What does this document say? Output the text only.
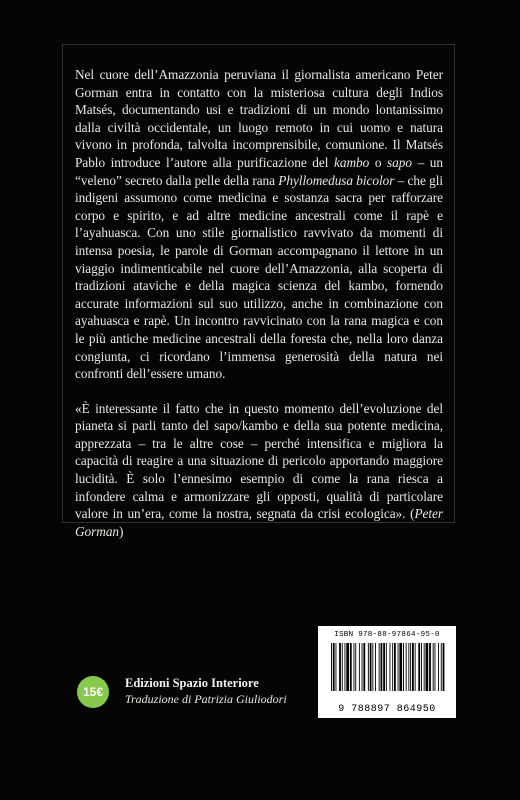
Nel cuore dell’Amazzonia peruviana il giornalista americano Peter Gorman entra in contatto con la misteriosa cultura degli Indios Matsés, documentando usi e tradizioni di un mondo lontanissimo dalla civiltà occidentale, un luogo remoto in cui uomo e natura vivono in profonda, talvolta incomprensibile, comunione. Il Matsés Pablo introduce l’autore alla purificazione del kambo o sapo – un “veleno” secreto dalla pelle della rana Phyllomedusa bicolor – che gli indigeni assumono come medicina e sostanza sacra per rafforzare corpo e spirito, e ad altre medicine ancestrali come il rapè e l’ayahuasca. Con uno stile giornalistico ravvivato da momenti di intensa poesia, le parole di Gorman accompagnano il lettore in un viaggio indimenticabile nel cuore dell’Amazzonia, alla scoperta di tradizioni ataviche e della magica scienza del kambo, fornendo accurate informazioni sul suo utilizzo, anche in combinazione con ayahuasca e rapè. Un incontro ravvicinato con la rana magica e con le più antiche medicine ancestrali della foresta che, nella loro danza congiunta, ci ricordano l’immensa generosità della natura nei confronti dell’essere umano.

«È interessante il fatto che in questo momento dell’evoluzione del pianeta si parli tanto del sapo/kambo e della sua potente medicina, apprezzata – tra le altre cose – perché intensifica e migliora la capacità di reagire a una situazione di pericolo apportando maggiore lucidità. È solo l’ennesimo esempio di come la rana riesca a infondere calma e armonizzare gli opposti, qualità di particolare valore in un’era, come la nostra, segnata da crisi ecologica». (Peter Gorman)

15€
Edizioni Spazio Interiore
Traduzione di Patrizia Giuliodori
ISBN 978-88-97864-95-0
9 788897 864950
